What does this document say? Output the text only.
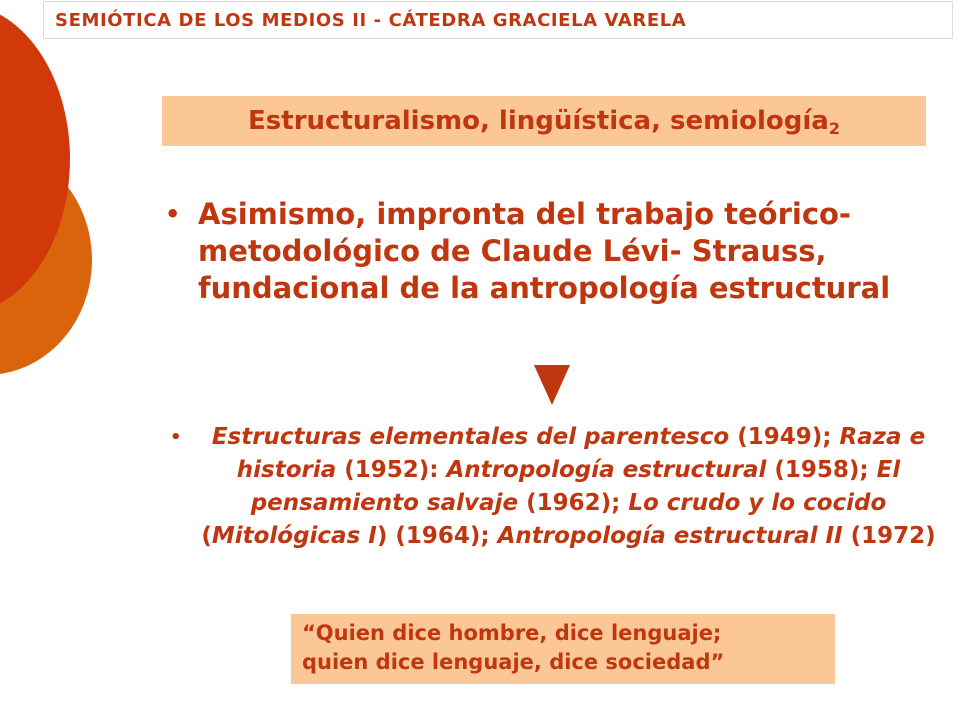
SEMIÓTICA DE LOS MEDIOS II - CÁTEDRA GRACIELA VARELA
Estructuralismo, lingüística, semiología$_2$
• Asimismo, impronta del trabajo teórico- metodológico de Claude Lévi- Strauss, fundacional de la antropología estructural
•	Estructuras elementales del parentesco (1949); Raza e historia (1952): Antropología estructural (1958); El pensamiento salvaje (1962); Lo crudo y lo cocido (Mitológicas I) (1964); Antropología estructural II (1972)
“Quien dice hombre, dice lenguaje;
quien dice lenguaje, dice sociedad”
